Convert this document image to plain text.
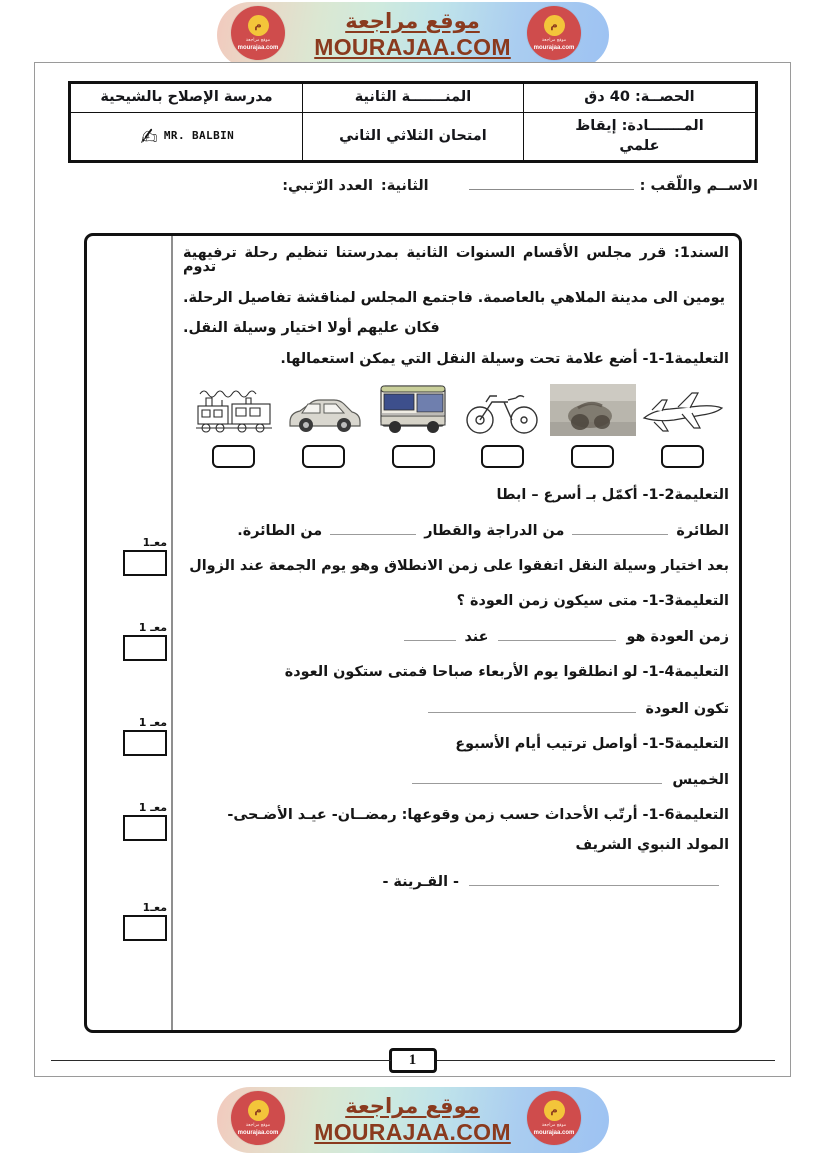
موقع مراجعة
MOURAJAA.COM
م
موقع مراجعة
mourajaa.com
م
موقع مراجعة
mourajaa.com
الحصــة: 40 دق	المنـــــــة الثانية	مدرسة الإصلاح بالشيحية

المـــــــادة: إيقاظ
علمي	امتحان الثلاثي الثاني	✍ MR. BALBIN
الاســم واللّقب :
الثانية:
العدد الرّتبي:
معـ1
معـ 1
معـ 1
معـ 1
معـ1
السند1: قرر مجلس الأقسام السنوات الثانية بمدرستنا تنظيم رحلة ترفيهية تدوم
يومين الى مدينة الملاهي بالعاصمة. فاجتمع المجلس لمناقشة تفاصيل الرحلة.
فكان عليهم أولا اختيار وسيلة النقل.
التعليمة1-1- أضع علامة تحت وسيلة النقل التي يمكن استعمالها.
التعليمة2-1- أكمّل بـ أسرع – ابطا
الطائرة
من الدراجة والقطار
من الطائرة.
بعد اختيار وسيلة النقل اتفقوا على زمن الانطلاق وهو يوم الجمعة عند الزوال
التعليمة3-1- متى سيكون زمن العودة ؟
زمن العودة هو
عند
التعليمة4-1- لو انطلقوا يوم الأربعاء صباحا فمتى ستكون العودة
تكون العودة
التعليمة5-1- أواصل ترتيب أيام الأسبوع
الخميس
التعليمة6-1- أرتّب الأحداث حسب زمن وقوعها: رمضــان- عيـد الأضـحى-
المولد النبوي الشريف
- القـرينة -
1
موقع مراجعة
MOURAJAA.COM
م
موقع مراجعة
mourajaa.com
م
موقع مراجعة
mourajaa.com
